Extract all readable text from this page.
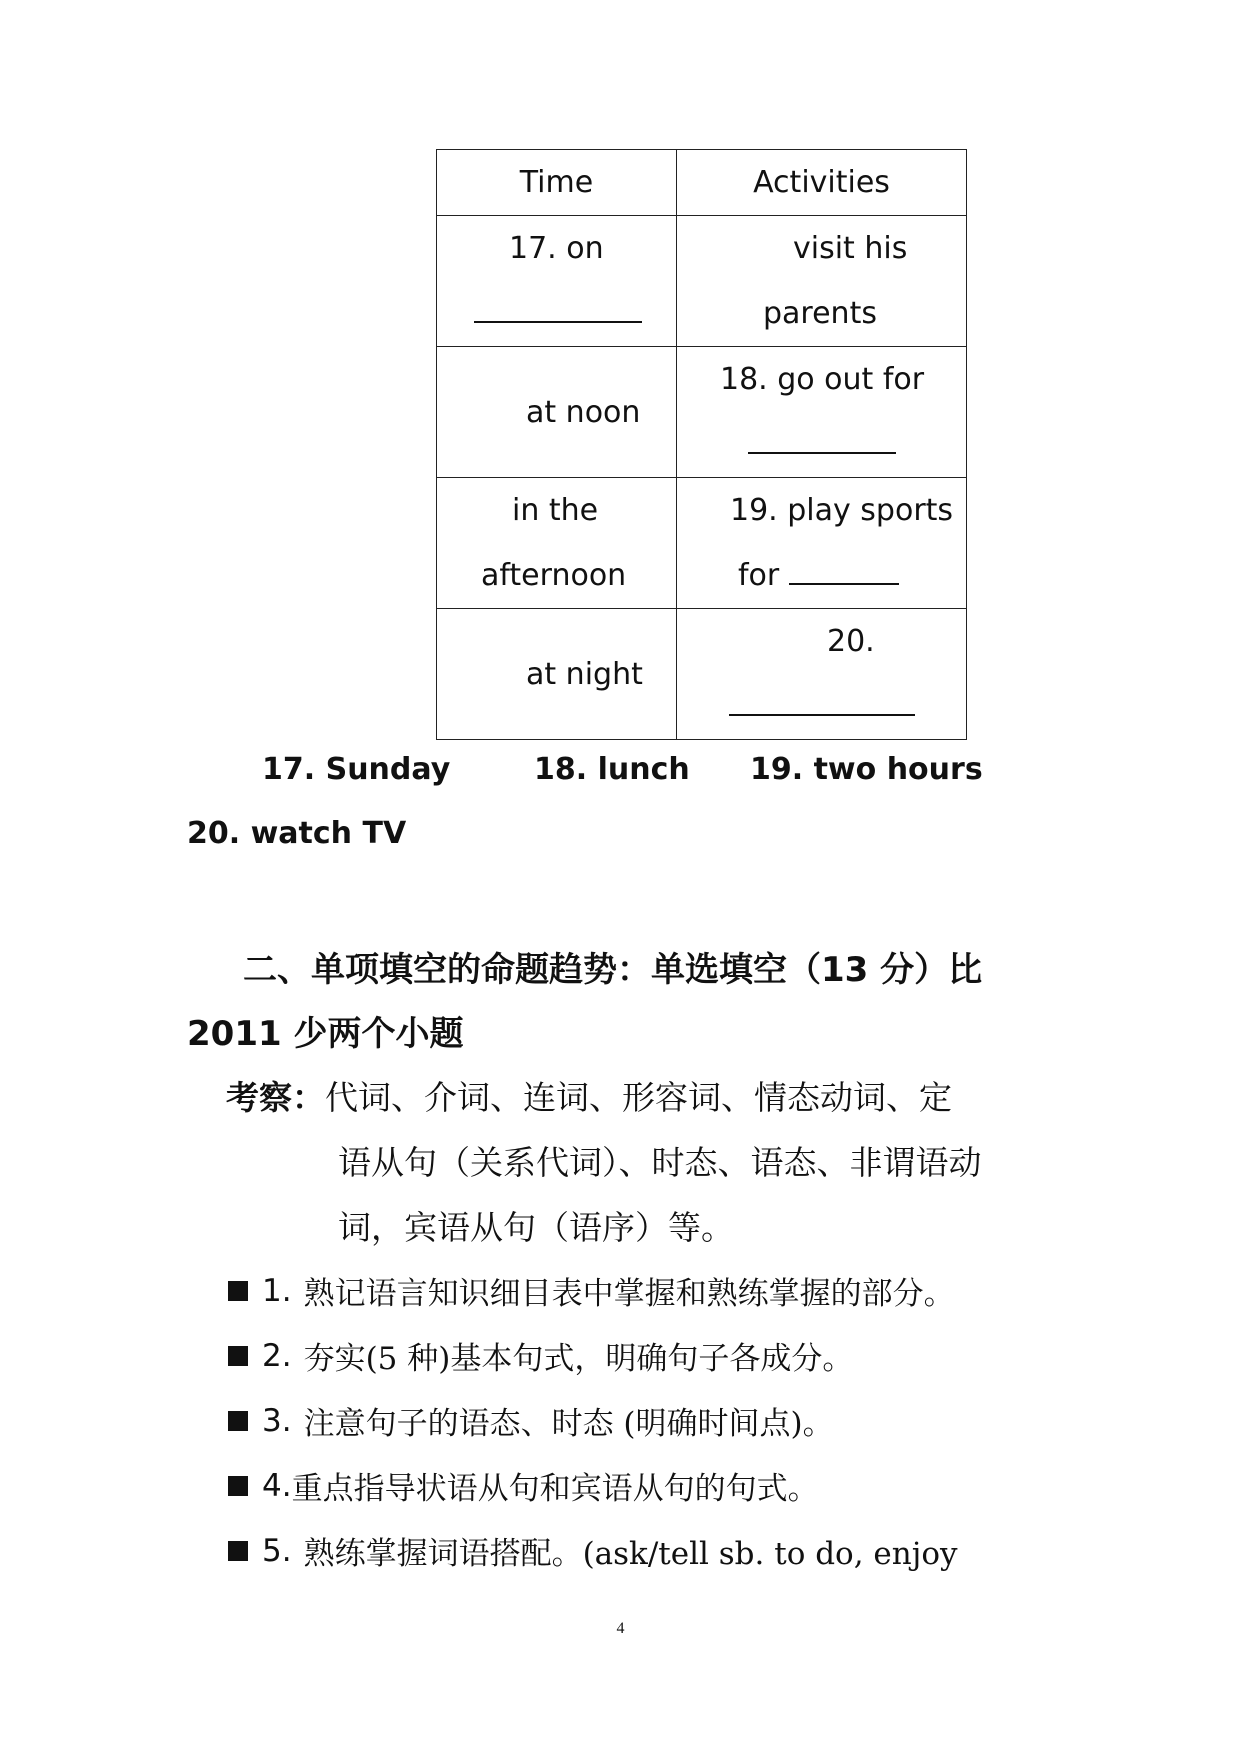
Time	Activities

17. on	visit his
parents

at noon	18. go out for

in the
afternoon	19. play sports
for

at night	20.
17. Sunday	18. lunch 19. two hours
20. watch TV
二、单项填空的命题趋势：单选填空（13 分）比
2011 少两个小题
考察：代词、介词、连词、形容词、情态动词、定
语从句（关系代词）、时态、语态、非谓语动
词，宾语从句（语序）等。
1. 熟记语言知识细目表中掌握和熟练掌握的部分。
2. 夯实(5 种)基本句式，明确句子各成分。
3. 注意句子的语态、时态 (明确时间点)。
4. 重点指导状语从句和宾语从句的句式。
5. 熟练掌握词语搭配。(ask/tell sb. to do, enjoy
4
